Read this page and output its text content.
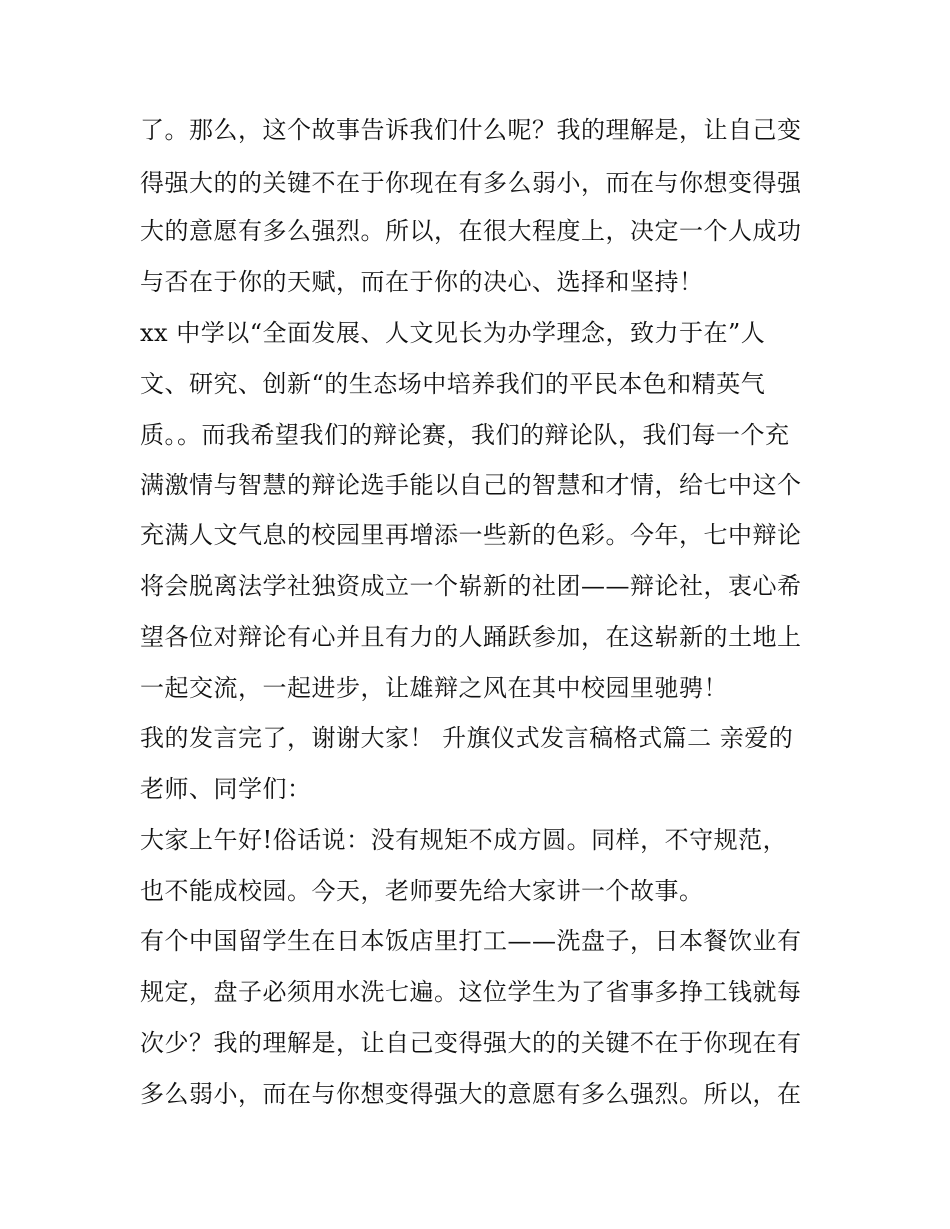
了。那么，这个故事告诉我们什么呢？我的理解是，让自己变
得强大的的关键不在于你现在有多么弱小，而在与你想变得强
大的意愿有多么强烈。所以，在很大程度上，决定一个人成功
与否在于你的天赋，而在于你的决心、选择和坚持！
xx 中学以“全面发展、人文见长为办学理念，致力于在”人
文、研究、创新“的生态场中培养我们的平民本色和精英气
质。。而我希望我们的辩论赛，我们的辩论队，我们每一个充
满激情与智慧的辩论选手能以自己的智慧和才情，给七中这个
充满人文气息的校园里再增添一些新的色彩。今年，七中辩论
将会脱离法学社独资成立一个崭新的社团——辩论社，衷心希
望各位对辩论有心并且有力的人踊跃参加，在这崭新的土地上
一起交流，一起进步，让雄辩之风在其中校园里驰骋！
我的发言完了，谢谢大家！ 升旗仪式发言稿格式篇二 亲爱的
老师、同学们：
大家上午好!俗话说：没有规矩不成方圆。同样，不守规范，
也不能成校园。今天，老师要先给大家讲一个故事。
有个中国留学生在日本饭店里打工——洗盘子，日本餐饮业有
规定，盘子必须用水洗七遍。这位学生为了省事多挣工钱就每
次少？我的理解是，让自己变得强大的的关键不在于你现在有
多么弱小，而在与你想变得强大的意愿有多么强烈。所以，在
